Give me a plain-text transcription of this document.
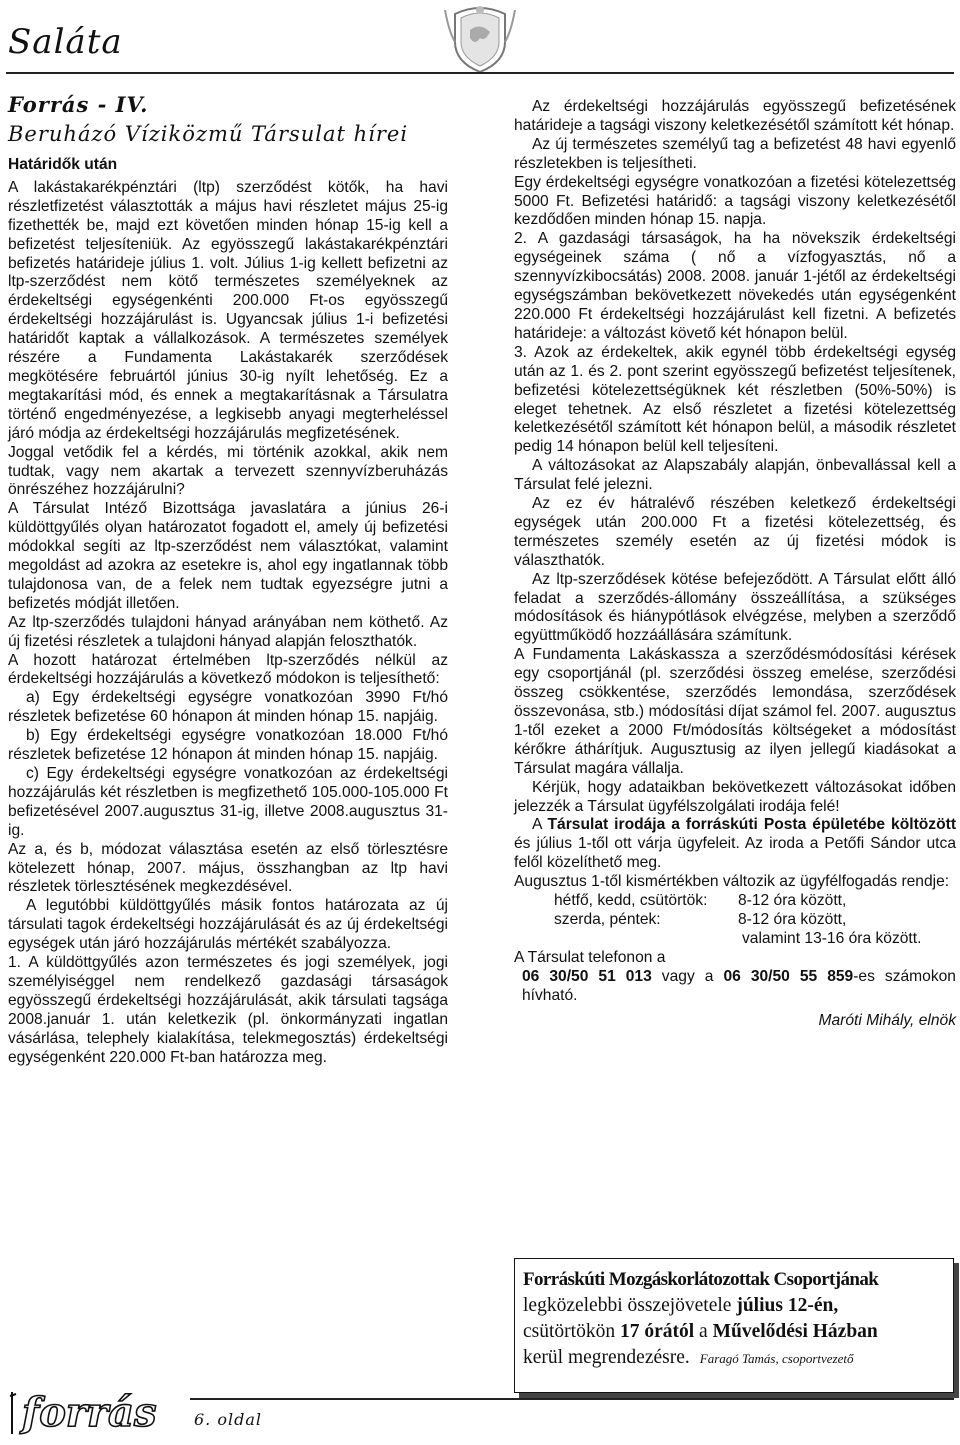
Saláta

Forrás - IV.

Beruházó Víziközmű Társulat hírei

Határidők után

A lakástakarékpénztári (ltp) szerződést kötők, ha havi részletfizetést választották a május havi részletet május 25-ig fizethették be, majd ezt követően minden hónap 15-ig kell a befizetést teljesíteniük. Az egyösszegű lakástakarékpénztári befizetés határideje július 1. volt. Július 1-ig kellett befizetni az ltp-szerződést nem kötő természetes személyeknek az érdekeltségi egységenkénti 200.000 Ft-os egyösszegű érdekeltségi hozzájárulást is. Ugyancsak július 1-i befizetési határidőt kaptak a vállalkozások. A természetes személyek részére a Fundamenta Lakástakarék szerződések megkötésére februártól június 30-ig nyílt lehetőség. Ez a megtakarítási mód, és ennek a megtakarításnak a Társulatra történő engedményezése, a legkisebb anyagi megterheléssel járó módja az érdekeltségi hozzájárulás megfizetésének.

Joggal vetődik fel a kérdés, mi történik azokkal, akik nem tudtak, vagy nem akartak a tervezett szennyvízberuházás önrészéhez hozzájárulni?

A Társulat Intéző Bizottsága javaslatára a június 26-i küldöttgyűlés olyan határozatot fogadott el, amely új befizetési módokkal segíti az ltp-szerződést nem választókat, valamint megoldást ad azokra az esetekre is, ahol egy ingatlannak több tulajdonosa van, de a felek nem tudtak egyezségre jutni a befizetés módját illetően.

Az ltp-szerződés tulajdoni hányad arányában nem köthető. Az új fizetési részletek a tulajdoni hányad alapján feloszthatók.

A hozott határozat értelmében ltp-szerződés nélkül az érdekeltségi hozzájárulás a következő módokon is teljesíthető:

a) Egy érdekeltségi egységre vonatkozóan 3990 Ft/hó részletek befizetése 60 hónapon át minden hónap 15. napjáig.

b) Egy érdekeltségi egységre vonatkozóan 18.000 Ft/hó részletek befizetése 12 hónapon át minden hónap 15. napjáig.

c) Egy érdekeltségi egységre vonatkozóan az érdekeltségi hozzájárulás két részletben is megfizethető 105.000-105.000 Ft befizetésével 2007.augusztus 31-ig, illetve 2008.augusztus 31-ig.

Az a, és b, módozat választása esetén az első törlesztésre kötelezett hónap, 2007. május, összhangban az ltp havi részletek törlesztésének megkezdésével.

A legutóbbi küldöttgyűlés másik fontos határozata az új társulati tagok érdekeltségi hozzájárulását és az új érdekeltségi egységek után járó hozzájárulás mértékét szabályozza.

1. A küldöttgyűlés azon természetes és jogi személyek, jogi személyiséggel nem rendelkező gazdasági társaságok egyösszegű érdekeltségi hozzájárulását, akik társulati tagsága 2008.január 1. után keletkezik (pl. önkormányzati ingatlan vásárlása, telephely kialakítása, telekmegosztás) érdekeltségi egységenként 220.000 Ft-ban határozza meg.

Az érdekeltségi hozzájárulás egyösszegű befizetésének határideje a tagsági viszony keletkezésétől számított két hónap.

Az új természetes személyű tag a befizetést 48 havi egyenlő részletekben is teljesítheti.

Egy érdekeltségi egységre vonatkozóan a fizetési kötelezettség 5000 Ft. Befizetési határidő: a tagsági viszony keletkezésétől kezdődően minden hónap 15. napja.

2. A gazdasági társaságok, ha ha növekszik érdekeltségi egységeinek száma ( nő a vízfogyasztás, nő a szennyvízkibocsátás) 2008. 2008. január 1-jétől az érdekeltségi egységszámban bekövetkezett növekedés után egységenként 220.000 Ft érdekeltségi hozzájárulást kell fizetni. A befizetés határideje: a változást követő két hónapon belül.

3. Azok az érdekeltek, akik egynél több érdekeltségi egység után az 1. és 2. pont szerint egyösszegű befizetést teljesítenek, befizetési kötelezettségüknek két részletben (50%-50%) is eleget tehetnek. Az első részletet a fizetési kötelezettség keletkezésétől számított két hónapon belül, a második részletet pedig 14 hónapon belül kell teljesíteni.

A változásokat az Alapszabály alapján, önbevallással kell a Társulat felé jelezni.

Az ez év hátralévő részében keletkező érdekeltségi egységek után 200.000 Ft a fizetési kötelezettség, és természetes személy esetén az új fizetési módok is választhatók.

Az ltp-szerződések kötése befejeződött. A Társulat előtt álló feladat a szerződés-állomány összeállítása, a szükséges módosítások és hiánypótlások elvégzése, melyben a szerződő együttműködő hozzáállására számítunk.

A Fundamenta Lakáskassza a szerződésmódosítási kérések egy csoportjánál (pl. szerződési összeg emelése, szerződési összeg csökkentése, szerződés lemondása, szerződések összevonása, stb.) módosítási díjat számol fel. 2007. augusztus 1-től ezeket a 2000 Ft/módosítás költségeket a módosítást kérőkre áthárítjuk. Augusztusig az ilyen jellegű kiadásokat a Társulat magára vállalja.

Kérjük, hogy adataikban bekövetkezett változásokat időben jelezzék a Társulat ügyfélszolgálati irodája felé!

A Társulat irodája a forráskúti Posta épületébe költözött és július 1-től ott várja ügyfeleit. Az iroda a Petőfi Sándor utca felől közelíthető meg.

Augusztus 1-től kismértékben változik az ügyfélfogadás rendje:

hétfő, kedd, csütörtök:	8-12 óra között,
szerda, péntek:	8-12 óra között,
	valamint 13-16 óra között.

A Társulat telefonon a

06 30/50 51 013 vagy a 06 30/50 55 859-es számokon hívható.

Maróti Mihály, elnök

Forráskúti Mozgáskorlátozottak Csoportjának
legközelebbi összejövetele július 12-én,
csütörtökön 17 órától a Művelődési Házban
kerül megrendezésre. Faragó Tamás, csoportvezető
forrás 6. oldal
